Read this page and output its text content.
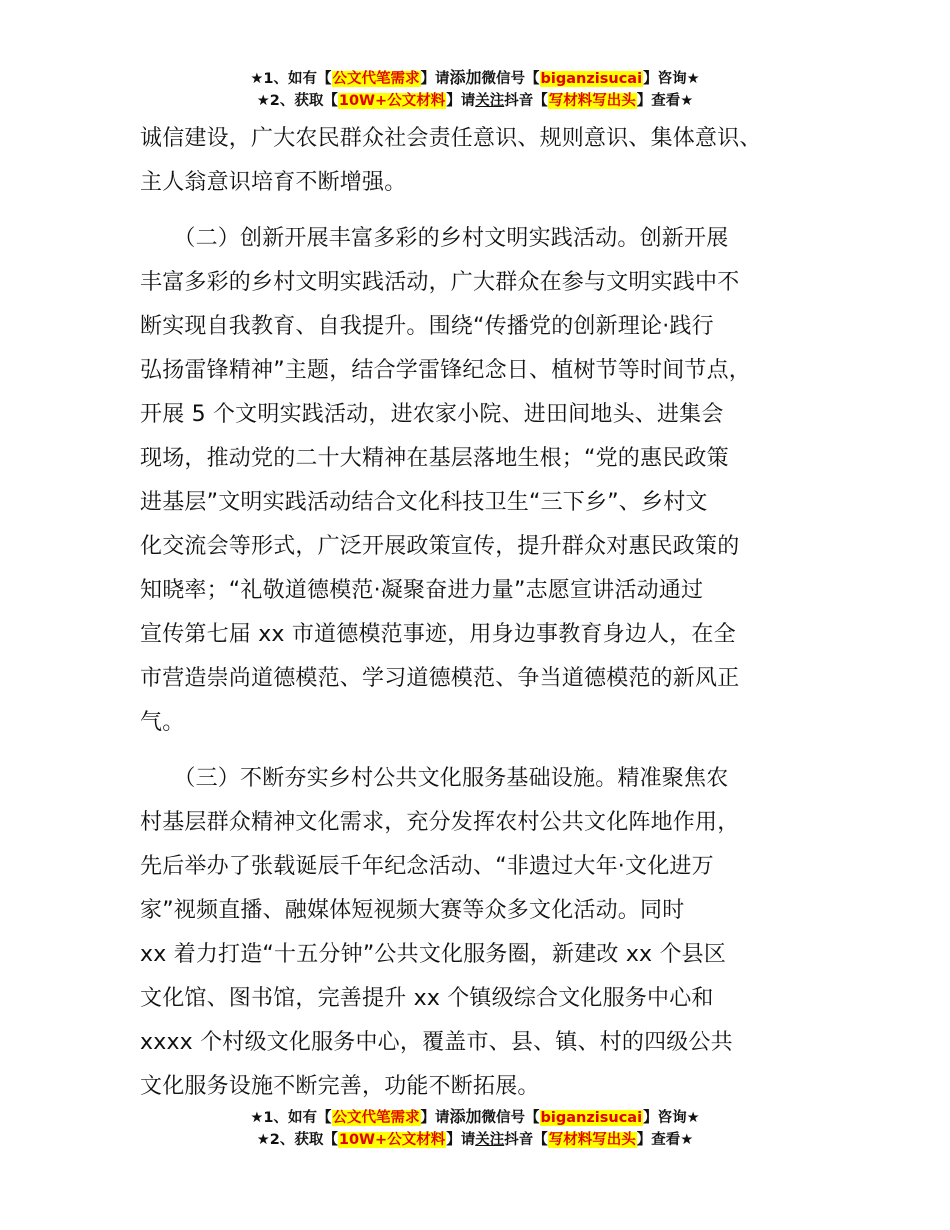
★1、如有【公文代笔需求】请添加微信号【biganzisucai】咨询★
★2、获取【10W+公文材料】请关注抖音【写材料写出头】查看★
诚信建设，广大农民群众社会责任意识、规则意识、集体意识、
主人翁意识培育不断增强。
　　（二）创新开展丰富多彩的乡村文明实践活动。创新开展
丰富多彩的乡村文明实践活动，广大群众在参与文明实践中不
断实现自我教育、自我提升。围绕“传播党的创新理论·践行
弘扬雷锋精神”主题，结合学雷锋纪念日、植树节等时间节点，
开展 5 个文明实践活动，进农家小院、进田间地头、进集会
现场，推动党的二十大精神在基层落地生根；“党的惠民政策
进基层”文明实践活动结合文化科技卫生“三下乡”、乡村文
化交流会等形式，广泛开展政策宣传，提升群众对惠民政策的
知晓率；“礼敬道德模范·凝聚奋进力量”志愿宣讲活动通过
宣传第七届 xx 市道德模范事迹，用身边事教育身边人，在全
市营造崇尚道德模范、学习道德模范、争当道德模范的新风正
气。
　　（三）不断夯实乡村公共文化服务基础设施。精准聚焦农
村基层群众精神文化需求，充分发挥农村公共文化阵地作用，
先后举办了张载诞辰千年纪念活动、“非遗过大年·文化进万
家”视频直播、融媒体短视频大赛等众多文化活动。同时
xx 着力打造“十五分钟”公共文化服务圈，新建改 xx 个县区
文化馆、图书馆，完善提升 xx 个镇级综合文化服务中心和
xxxx 个村级文化服务中心，覆盖市、县、镇、村的四级公共
文化服务设施不断完善，功能不断拓展。
★1、如有【公文代笔需求】请添加微信号【biganzisucai】咨询★
★2、获取【10W+公文材料】请关注抖音【写材料写出头】查看★
